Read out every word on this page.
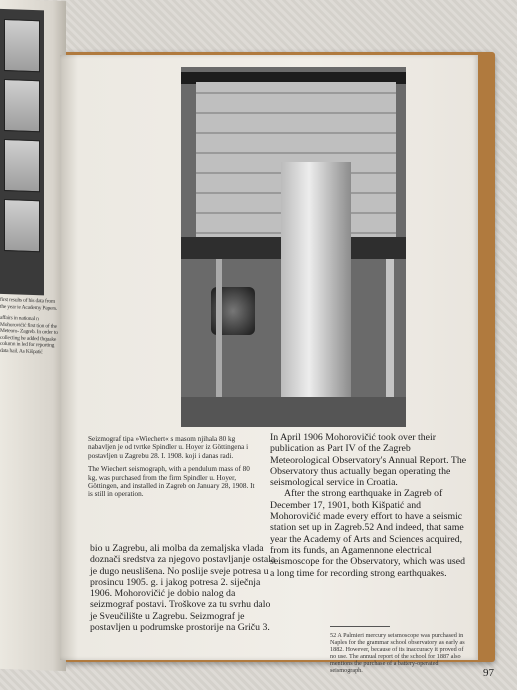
first results of his data from the year ie Academy Papers.

affairs in national n Mohorovičić first tion of the Meteoro- Zagreb. In order to collecting he added thquake column in led for reporting data hail. As Kišpatić

Seizmograf tipa »Wiechert« s masom njihala 80 kg nabavljen je od tvrtke Spindler u. Hoyer iz Göttingena i postavljen u Zagrebu 28. I. 1908. koji i danas radi.

The Wiechert seismograph, with a pendulum mass of 80 kg, was purchased from the firm Spindler u. Hoyer, Göttingen, and installed in Zagreb on January 28, 1908. It is still in operation.

bio u Zagrebu, ali molba da zemaljska vlada doznači sredstva za njegovo postavljanje ostala je dugo neuslišena. No poslije sveje potresa u prosincu 1905. g. i jakog potresa 2. siječnja 1906. Mohorovičić je dobio nalog da seizmograf postavi. Troškove za tu svrhu dalo je Sveučilište u Zagrebu. Seizmograf je postavljen u podrumske prostorije na Griču 3.

In April 1906 Mohorovičić took over their publication as Part IV of the Zagreb Meteorological Observatory's Annual Report. The Observatory thus actually began operating the seismological service in Croatia.

After the strong earthquake in Zagreb of December 17, 1901, both Kišpatić and Mohorovičić made every effort to have a seismic station set up in Zagreb.52 And indeed, that same year the Academy of Arts and Sciences acquired, from its funds, an Agamennone electrical seismoscope for the Observatory, which was used a long time for recording strong earthquakes.

52 A Palmieri mercury seismoscope was purchased in Naples for the grammar school observatory as early as 1882. However, because of its inaccuracy it proved of no use. The annual report of the school for 1887 also mentions the purchase of a battery-operated seismograph.	97
